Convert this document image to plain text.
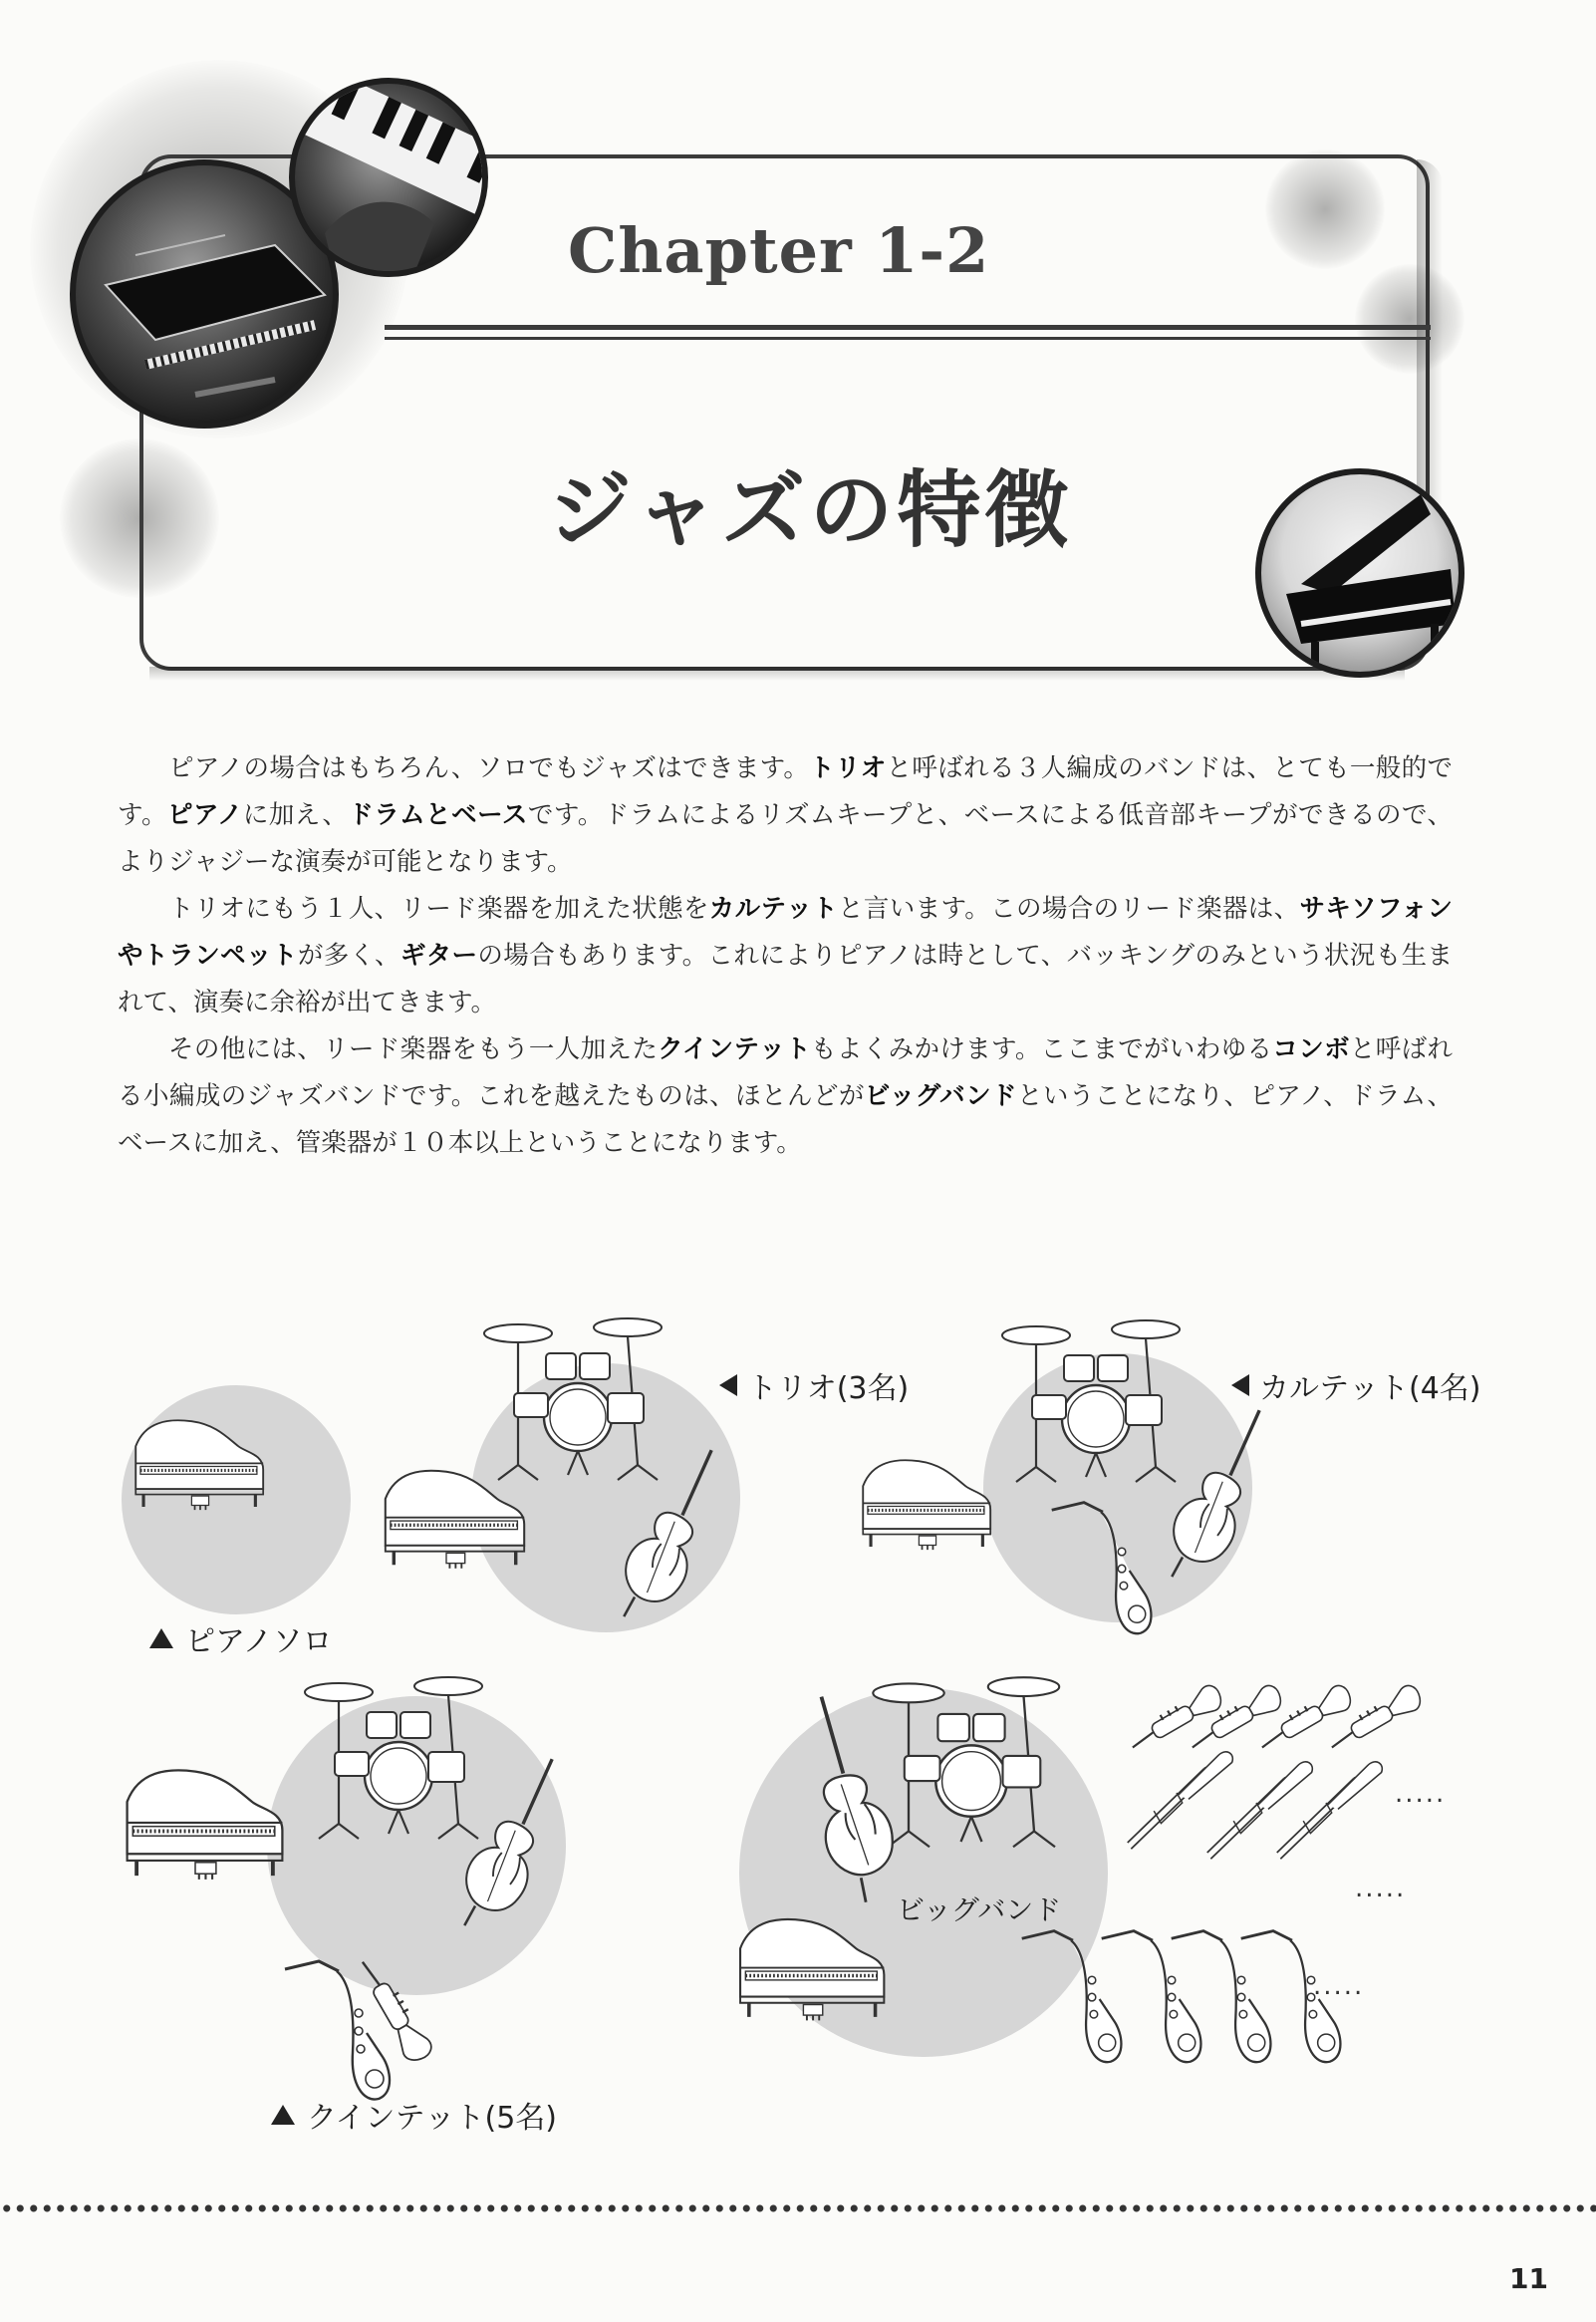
Chapter 1-2
ジャズの特徴

ピアノの場合はもちろん、ソロでもジャズはできます。トリオと呼ばれる３人編成のバンドは、とても一般的です。ピアノに加え、ドラムとベースです。ドラムによるリズムキープと、ベースによる低音部キープができるので、よりジャジーな演奏が可能となります。

トリオにもう１人、リード楽器を加えた状態をカルテットと言います。この場合のリード楽器は、サキソフォンやトランペットが多く、ギターの場合もあります。これによりピアノは時として、バッキングのみという状況も生まれて、演奏に余裕が出てきます。

その他には、リード楽器をもう一人加えたクインテットもよくみかけます。ここまでがいわゆるコンボと呼ばれる小編成のジャズバンドです。これを越えたものは、ほとんどがビッグバンドということになり、ピアノ、ドラム、ベースに加え、管楽器が１０本以上ということになります。

ピアノソロ
トリオ(3名)	カルテット(4名)
クインテット(5名)
ビッグバンド
.....
.....
.....
11
